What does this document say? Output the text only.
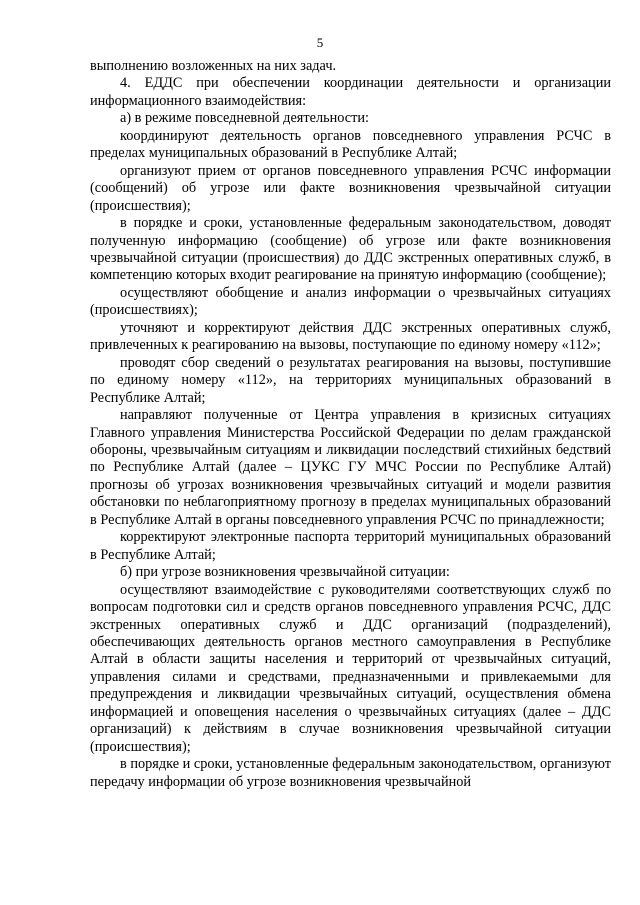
5

выполнению возложенных на них задач.

4. ЕДДС при обеспечении координации деятельности и организации информационного взаимодействия:

а) в режиме повседневной деятельности:

координируют деятельность органов повседневного управления РСЧС в пределах муниципальных образований в Республике Алтай;

организуют прием от органов повседневного управления РСЧС информации (сообщений) об угрозе или факте возникновения чрезвычайной ситуации (происшествия);

в порядке и сроки, установленные федеральным законодательством, доводят полученную информацию (сообщение) об угрозе или факте возникновения чрезвычайной ситуации (происшествия) до ДДС экстренных оперативных служб, в компетенцию которых входит реагирование на принятую информацию (сообщение);

осуществляют обобщение и анализ информации о чрезвычайных ситуациях (происшествиях);

уточняют и корректируют действия ДДС экстренных оперативных служб, привлеченных к реагированию на вызовы, поступающие по единому номеру «112»;

проводят сбор сведений о результатах реагирования на вызовы, поступившие по единому номеру «112», на территориях муниципальных образований в Республике Алтай;

направляют полученные от Центра управления в кризисных ситуациях Главного управления Министерства Российской Федерации по делам гражданской обороны, чрезвычайным ситуациям и ликвидации последствий стихийных бедствий по Республике Алтай (далее – ЦУКС ГУ МЧС России по Республике Алтай) прогнозы об угрозах возникновения чрезвычайных ситуаций и модели развития обстановки по неблагоприятному прогнозу в пределах муниципальных образований в Республике Алтай в органы повседневного управления РСЧС по принадлежности;

корректируют электронные паспорта территорий муниципальных образований в Республике Алтай;

б) при угрозе возникновения чрезвычайной ситуации:

осуществляют взаимодействие с руководителями соответствующих служб по вопросам подготовки сил и средств органов повседневного управления РСЧС, ДДС экстренных оперативных служб и ДДС организаций (подразделений), обеспечивающих деятельность органов местного самоуправления в Республике Алтай в области защиты населения и территорий от чрезвычайных ситуаций, управления силами и средствами, предназначенными и привлекаемыми для предупреждения и ликвидации чрезвычайных ситуаций, осуществления обмена информацией и оповещения населения о чрезвычайных ситуациях (далее – ДДС организаций) к действиям в случае возникновения чрезвычайной ситуации (происшествия);

в порядке и сроки, установленные федеральным законодательством, организуют передачу информации об угрозе возникновения чрезвычайной
